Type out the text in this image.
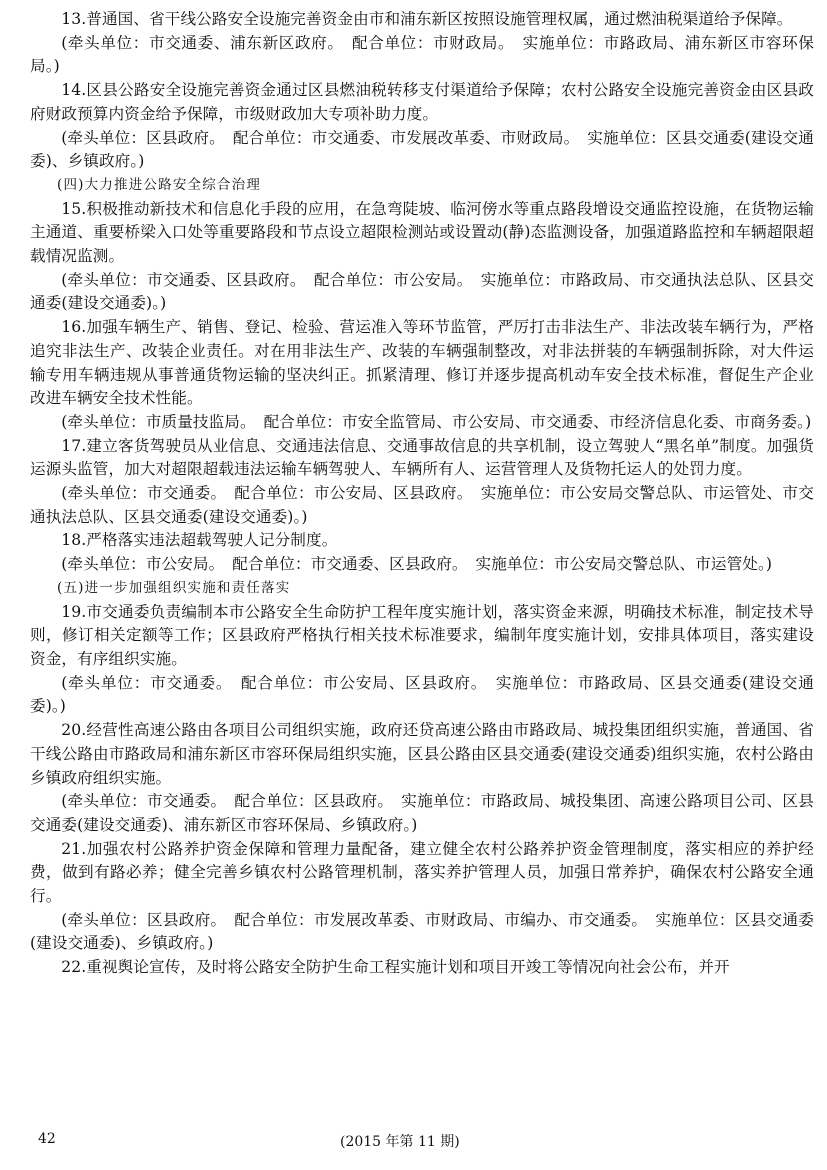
13.普通国、省干线公路安全设施完善资金由市和浦东新区按照设施管理权属，通过燃油税渠道给予保障。

(牵头单位：市交通委、浦东新区政府。　配合单位：市财政局。　实施单位：市路政局、浦东新区市容环保局。)

14.区县公路安全设施完善资金通过区县燃油税转移支付渠道给予保障；农村公路安全设施完善资金由区县政府财政预算内资金给予保障，市级财政加大专项补助力度。

(牵头单位：区县政府。　配合单位：市交通委、市发展改革委、市财政局。　实施单位：区县交通委(建设交通委)、乡镇政府。)

(四)大力推进公路安全综合治理

15.积极推动新技术和信息化手段的应用，在急弯陡坡、临河傍水等重点路段增设交通监控设施，在货物运输主通道、重要桥梁入口处等重要路段和节点设立超限检测站或设置动(静)态监测设备，加强道路监控和车辆超限超载情况监测。

(牵头单位：市交通委、区县政府。　配合单位：市公安局。　实施单位：市路政局、市交通执法总队、区县交通委(建设交通委)。)

16.加强车辆生产、销售、登记、检验、营运准入等环节监管，严厉打击非法生产、非法改装车辆行为，严格追究非法生产、改装企业责任。对在用非法生产、改装的车辆强制整改，对非法拼装的车辆强制拆除，对大件运输专用车辆违规从事普通货物运输的坚决纠正。抓紧清理、修订并逐步提高机动车安全技术标准，督促生产企业改进车辆安全技术性能。

(牵头单位：市质量技监局。　配合单位：市安全监管局、市公安局、市交通委、市经济信息化委、市商务委。)

17.建立客货驾驶员从业信息、交通违法信息、交通事故信息的共享机制，设立驾驶人“黑名单”制度。加强货运源头监管，加大对超限超载违法运输车辆驾驶人、车辆所有人、运营管理人及货物托运人的处罚力度。

(牵头单位：市交通委。　配合单位：市公安局、区县政府。　实施单位：市公安局交警总队、市运管处、市交通执法总队、区县交通委(建设交通委)。)

18.严格落实违法超载驾驶人记分制度。

(牵头单位：市公安局。　配合单位：市交通委、区县政府。　实施单位：市公安局交警总队、市运管处。)

(五)进一步加强组织实施和责任落实

19.市交通委负责编制本市公路安全生命防护工程年度实施计划，落实资金来源，明确技术标准，制定技术导则，修订相关定额等工作；区县政府严格执行相关技术标准要求，编制年度实施计划，安排具体项目，落实建设资金，有序组织实施。

(牵头单位：市交通委。　配合单位：市公安局、区县政府。　实施单位：市路政局、区县交通委(建设交通委)。)

20.经营性高速公路由各项目公司组织实施，政府还贷高速公路由市路政局、城投集团组织实施，普通国、省干线公路由市路政局和浦东新区市容环保局组织实施，区县公路由区县交通委(建设交通委)组织实施，农村公路由乡镇政府组织实施。

(牵头单位：市交通委。　配合单位：区县政府。　实施单位：市路政局、城投集团、高速公路项目公司、区县交通委(建设交通委)、浦东新区市容环保局、乡镇政府。)

21.加强农村公路养护资金保障和管理力量配备，建立健全农村公路养护资金管理制度，落实相应的养护经费，做到有路必养；健全完善乡镇农村公路管理机制，落实养护管理人员，加强日常养护，确保农村公路安全通行。

(牵头单位：区县政府。　配合单位：市发展改革委、市财政局、市编办、市交通委。　实施单位：区县交通委(建设交通委)、乡镇政府。)

22.重视舆论宣传，及时将公路安全防护生命工程实施计划和项目开竣工等情况向社会公布，并开

42	(2015 年第 11 期)
